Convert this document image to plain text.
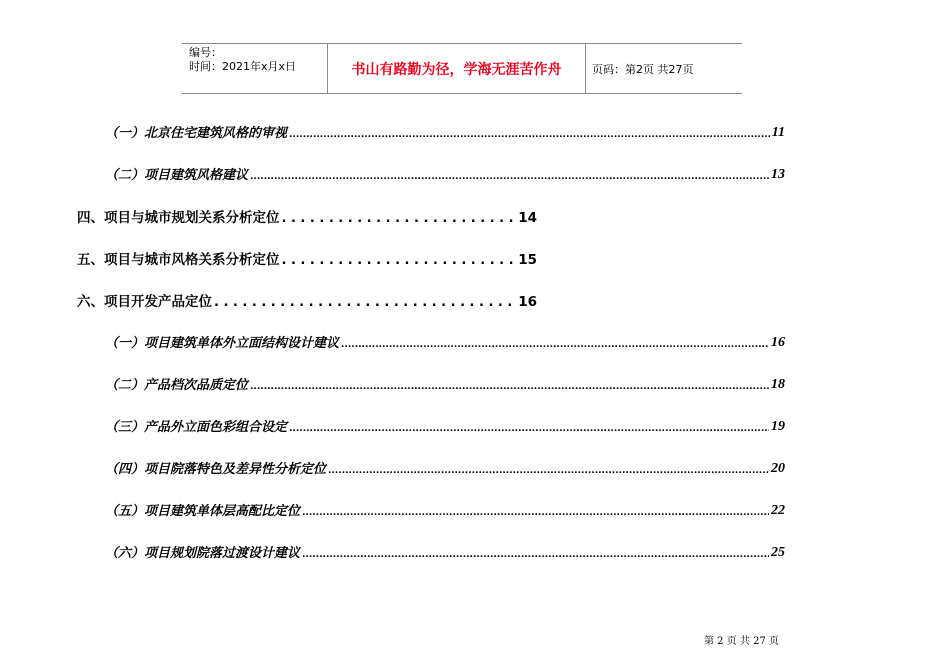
编号：
时间：2021年x月x日	书山有路勤为径，学海无涯苦作舟	页码：第2页 共27页
（一）北京住宅建筑风格的审视 .....	11
（二）项目建筑风格建议 .....	13
四、项目与城市规划关系分析定位 . . .	14
五、项目与城市风格关系分析定位 . . .	15
六、项目开发产品定位 . . .	16
（一）项目建筑单体外立面结构设计建议 .....	16
（二）产品档次品质定位 .....	18
（三）产品外立面色彩组合设定 .....	19
（四）项目院落特色及差异性分析定位 .....	20
（五）项目建筑单体层高配比定位 .....	22
（六）项目规划院落过渡设计建议 .....	25
第 2 页 共 27 页
